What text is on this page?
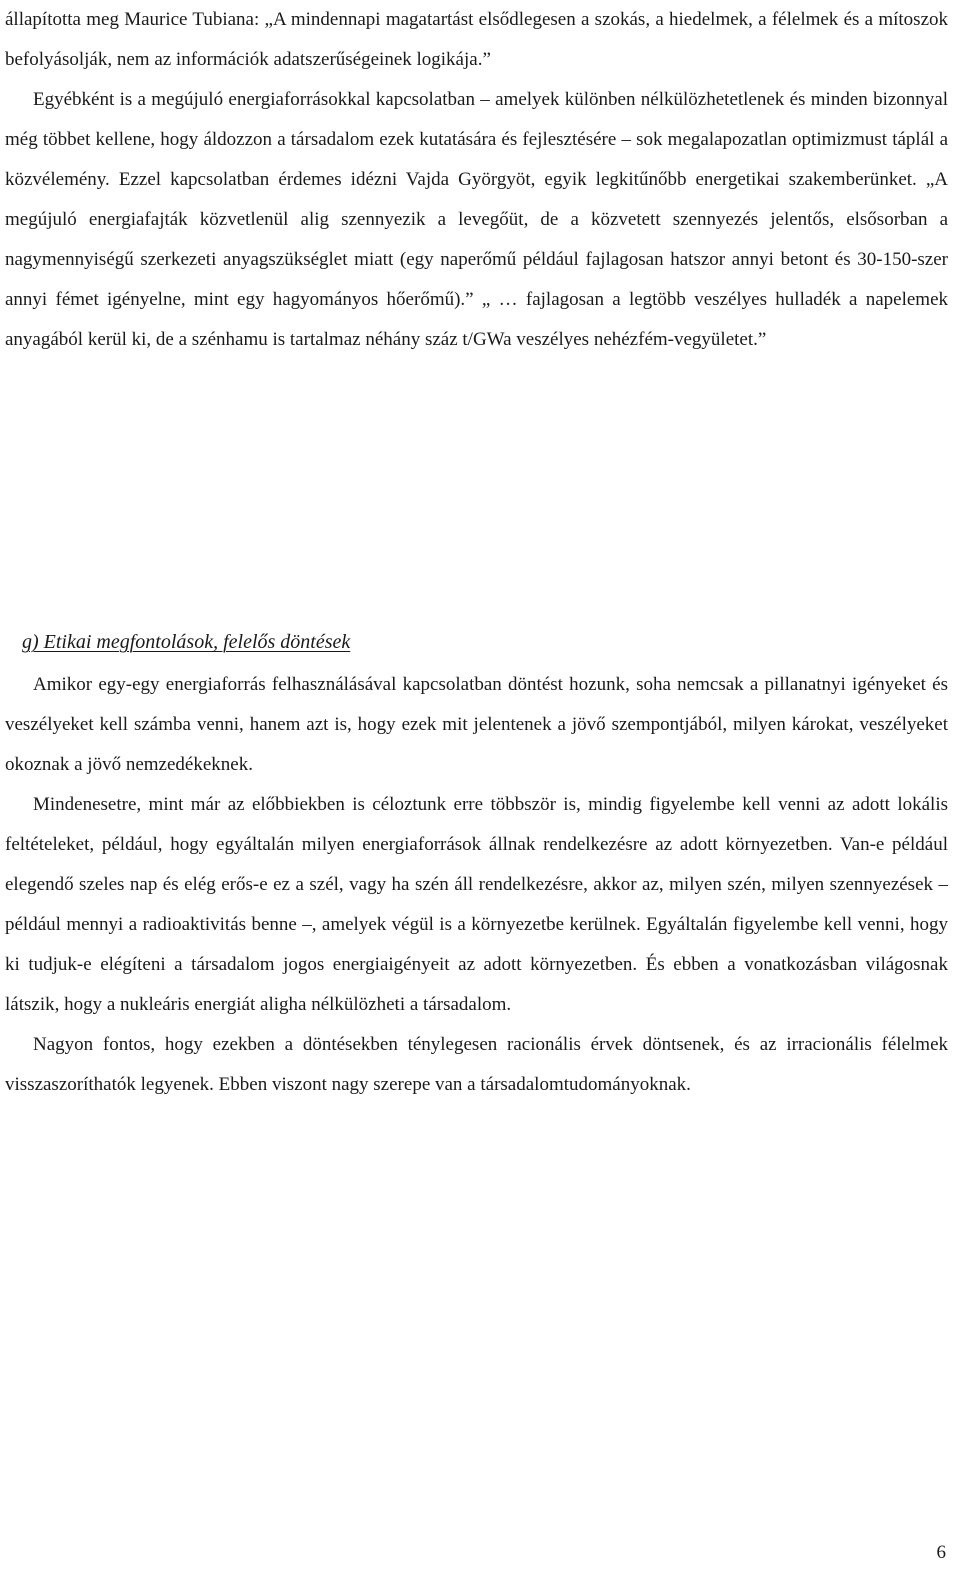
állapította meg Maurice Tubiana: „A mindennapi magatartást elsődlegesen a szokás, a hiedelmek, a félelmek és a mítoszok befolyásolják, nem az információk adatszerűségeinek logikája.”

Egyébként is a megújuló energiaforrásokkal kapcsolatban – amelyek különben nélkülözhetetlenek és minden bizonnyal még többet kellene, hogy áldozzon a társadalom ezek kutatására és fejlesztésére – sok megalapozatlan optimizmust táplál a közvélemény. Ezzel kapcsolatban érdemes idézni Vajda Györgyöt, egyik legkitűnőbb energetikai szakemberünket. „A megújuló energiafajták közvetlenül alig szennyezik a levegőüt, de a közvetett szennyezés jelentős, elsősorban a nagymennyiségű szerkezeti anyagszükséglet miatt (egy naperőmű például fajlagosan hatszor annyi betont és 30-150-szer annyi fémet igényelne, mint egy hagyományos hőerőmű).” „ … fajlagosan a legtöbb veszélyes hulladék a napelemek anyagából kerül ki, de a szénhamu is tartalmaz néhány száz t/GWa veszélyes nehézfém-vegyületet.”

g) Etikai megfontolások, felelős döntések

Amikor egy-egy energiaforrás felhasználásával kapcsolatban döntést hozunk, soha nemcsak a pillanatnyi igényeket és veszélyeket kell számba venni, hanem azt is, hogy ezek mit jelentenek a jövő szempontjából, milyen károkat, veszélyeket okoznak a jövő nemzedékeknek.

Mindenesetre, mint már az előbbiekben is céloztunk erre többször is, mindig figyelembe kell venni az adott lokális feltételeket, például, hogy egyáltalán milyen energiaforrások állnak rendelkezésre az adott környezetben. Van-e például elegendő szeles nap és elég erős-e ez a szél, vagy ha szén áll rendelkezésre, akkor az, milyen szén, milyen szennyezések – például mennyi a radioaktivitás benne –, amelyek végül is a környezetbe kerülnek. Egyáltalán figyelembe kell venni, hogy ki tudjuk-e elégíteni a társadalom jogos energiaigényeit az adott környezetben. És ebben a vonatkozásban világosnak látszik, hogy a nukleáris energiát aligha nélkülözheti a társadalom.

Nagyon fontos, hogy ezekben a döntésekben ténylegesen racionális érvek döntsenek, és az irracionális félelmek visszaszoríthatók legyenek. Ebben viszont nagy szerepe van a társadalomtudományoknak.

6
